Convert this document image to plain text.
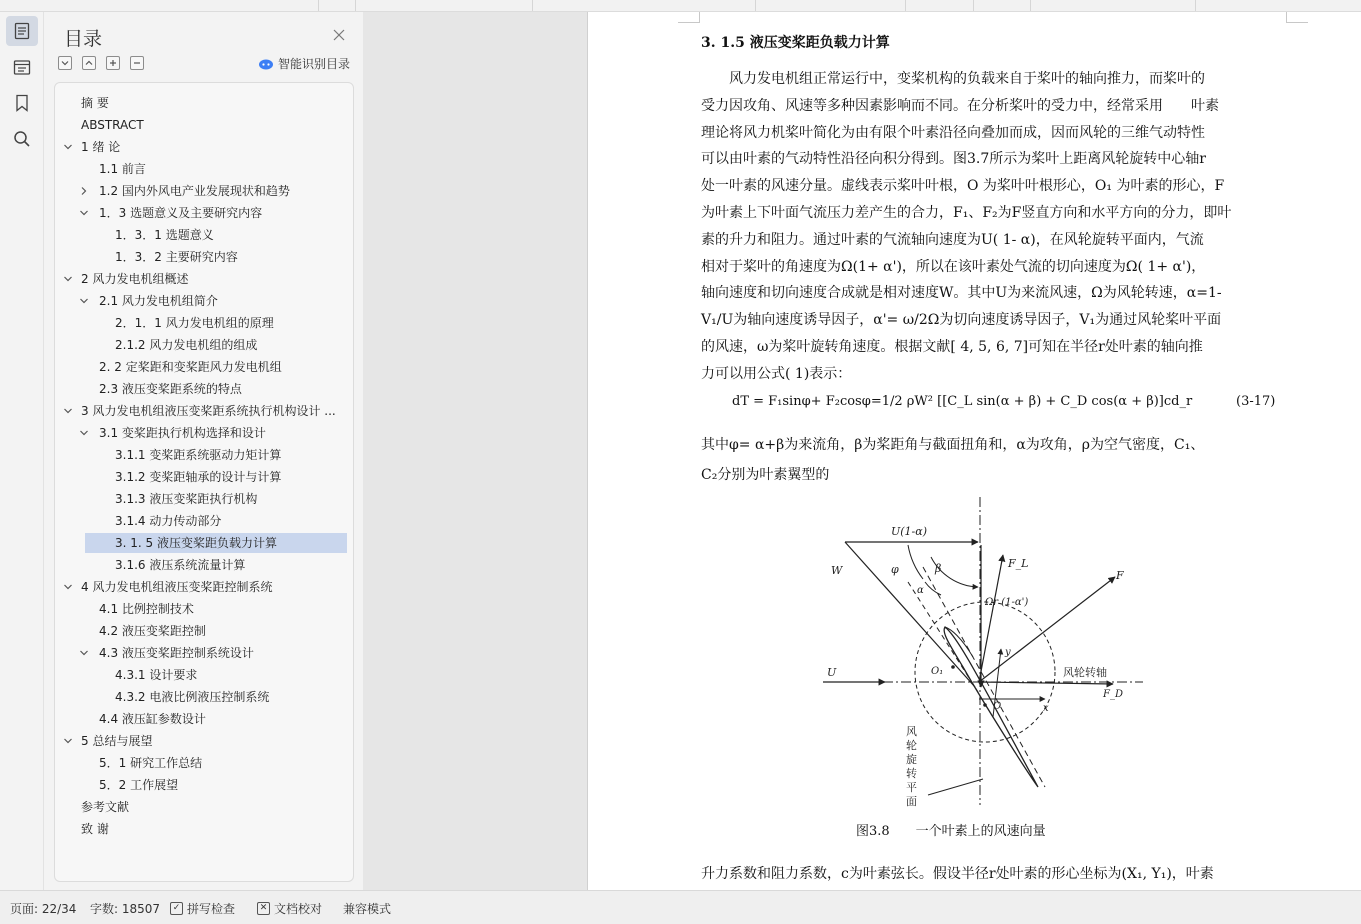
目录
智能识别目录
摘 要
ABSTRACT
1 绪 论
1.1 前言
1.2 国内外风电产业发展现状和趋势
1．3 选题意义及主要研究内容
1．3．1 选题意义
1．3．2 主要研究内容
2 风力发电机组概述
2.1 风力发电机组简介
2．1．1 风力发电机组的原理
2.1.2 风力发电机组的组成
2. 2 定桨距和变桨距风力发电机组
2.3 液压变桨距系统的特点
3 风力发电机组液压变桨距系统执行机构设计 ...
3.1 变桨距执行机构选择和设计
3.1.1 变桨距系统驱动力矩计算
3.1.2 变桨距轴承的设计与计算
3.1.3 液压变桨距执行机构
3.1.4 动力传动部分
3. 1. 5 液压变桨距负载力计算
3.1.6 液压系统流量计算
4 风力发电机组液压变桨距控制系统
4.1 比例控制技术
4.2 液压变桨距控制
4.3 液压变桨距控制系统设计
4.3.1 设计要求
4.3.2 电液比例液压控制系统
4.4 液压缸参数设计
5 总结与展望
5．1 研究工作总结
5．2 工作展望
参考文献
致 谢
3. 1.5 液压变桨距负载力计算
dT = F₁sinφ+ F₂cosφ=1/2 ρW² [[C_L sin(α + β) + C_D cos(α + β)]cd_r	(3-17)
U(1-α)
W	φ	β
α
F_L
F
Ωr (1-α')
y
O₁
O	x
U	风轮转轴
F_D
风
轮
旋
转
平
面
图3.8　　一个叶素上的风速向量
升力系数和阻力系数，c为叶素弦长。假设半径r处叶素的形心坐标为(X₁, Y₁)，叶素
　　风力发电机组正常运行中，变桨机构的负载来自于桨叶的轴向推力，而桨叶的
受力因攻角、风速等多种因素影响而不同。在分析桨叶的受力中，经常采用　　叶素
理论将风力机桨叶简化为由有限个叶素沿径向叠加而成，因而风轮的三维气动特性
可以由叶素的气动特性沿径向积分得到。图3.7所示为桨叶上距离风轮旋转中心轴r
处一叶素的风速分量。虚线表示桨叶叶根，O 为桨叶叶根形心，O₁ 为叶素的形心，F
为叶素上下叶面气流压力差产生的合力，F₁、F₂为F竖直方向和水平方向的分力，即叶
素的升力和阻力。通过叶素的气流轴向速度为U( 1- α)，在风轮旋转平面内，气流
相对于桨叶的角速度为Ω(1+ α')，所以在该叶素处气流的切向速度为Ω( 1+ α')，
轴向速度和切向速度合成就是相对速度W。其中U为来流风速，Ω为风轮转速，α=1-
V₁/U为轴向速度诱导因子，α'= ω/2Ω为切向速度诱导因子，V₁为通过风轮桨叶平面
的风速，ω为桨叶旋转角速度。根据文献[ 4, 5, 6, 7]可知在半径r处叶素的轴向推
力可以用公式( 1)表示：
其中φ= α+β为来流角，β为桨距角与截面扭角和，α为攻角，ρ为空气密度，C₁、
C₂分别为叶素翼型的
页面: 22/34 字数: 18507	✓ 拼写检查	✕ 文档校对 兼容模式
